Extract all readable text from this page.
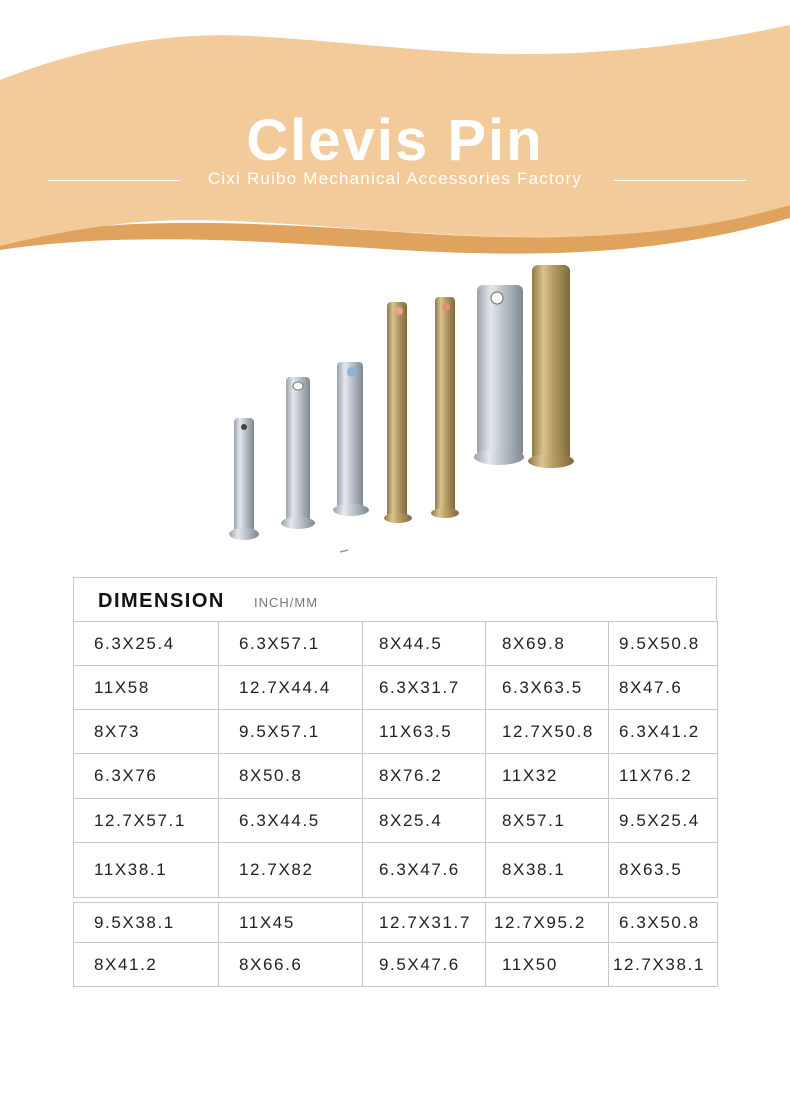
Clevis Pin
Cixi Ruibo Mechanical Accessories Factory
DIMENSION INCH/MM
6.3X25.4	6.3X57.1	8X44.5	8X69.8	9.5X50.8
11X58	12.7X44.4	6.3X31.7	6.3X63.5	8X47.6
8X73	9.5X57.1	11X63.5	12.7X50.8	6.3X41.2
6.3X76	8X50.8	8X76.2	11X32	11X76.2
12.7X57.1	6.3X44.5	8X25.4	8X57.1	9.5X25.4
11X38.1	12.7X82	6.3X47.6	8X38.1	8X63.5
9.5X38.1	11X45	12.7X31.7	12.7X95.2	6.3X50.8
8X41.2	8X66.6	9.5X47.6	11X50	12.7X38.1
